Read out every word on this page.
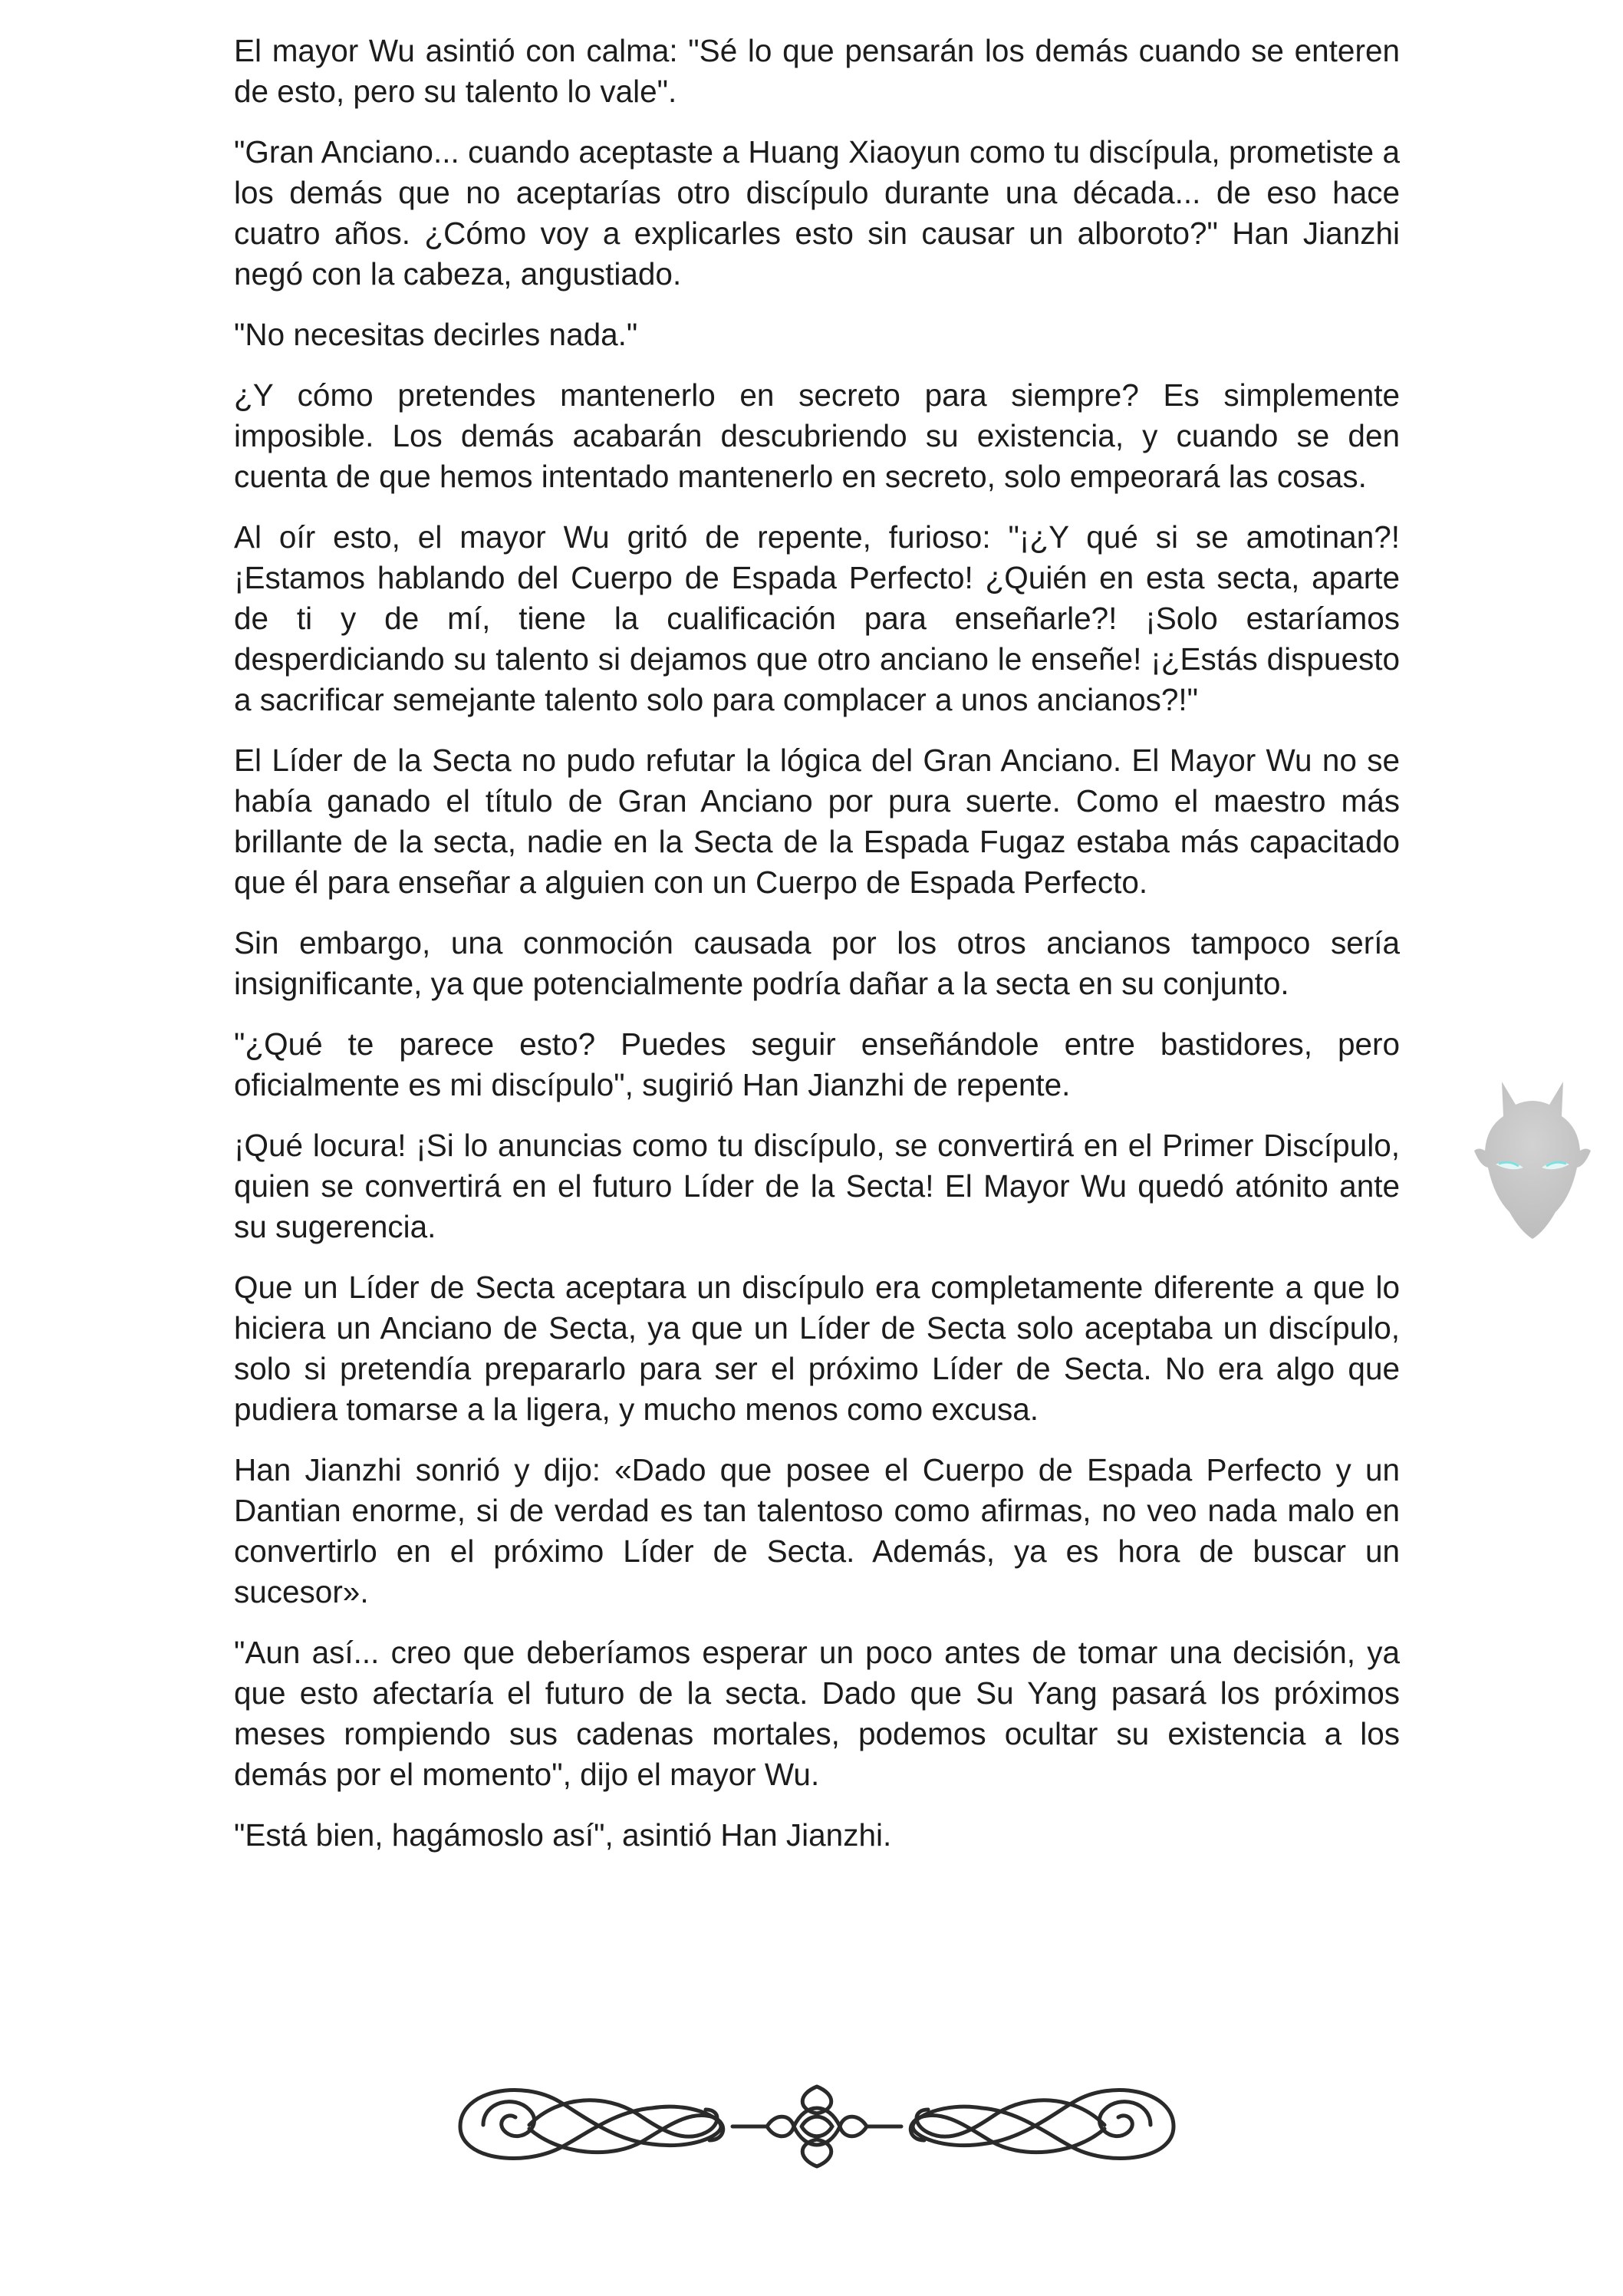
El mayor Wu asintió con calma: "Sé lo que pensarán los demás cuando se enteren de esto, pero su talento lo vale".

"Gran Anciano... cuando aceptaste a Huang Xiaoyun como tu discípula, prometiste a los demás que no aceptarías otro discípulo durante una década... de eso hace cuatro años. ¿Cómo voy a explicarles esto sin causar un alboroto?" Han Jianzhi negó con la cabeza, angustiado.

"No necesitas decirles nada."

¿Y cómo pretendes mantenerlo en secreto para siempre? Es simplemente imposible. Los demás acabarán descubriendo su existencia, y cuando se den cuenta de que hemos intentado mantenerlo en secreto, solo empeorará las cosas.

Al oír esto, el mayor Wu gritó de repente, furioso: "¡¿Y qué si se amotinan?! ¡Estamos hablando del Cuerpo de Espada Perfecto! ¿Quién en esta secta, aparte de ti y de mí, tiene la cualificación para enseñarle?! ¡Solo estaríamos desperdiciando su talento si dejamos que otro anciano le enseñe! ¡¿Estás dispuesto a sacrificar semejante talento solo para complacer a unos ancianos?!"

El Líder de la Secta no pudo refutar la lógica del Gran Anciano. El Mayor Wu no se había ganado el título de Gran Anciano por pura suerte. Como el maestro más brillante de la secta, nadie en la Secta de la Espada Fugaz estaba más capacitado que él para enseñar a alguien con un Cuerpo de Espada Perfecto.

Sin embargo, una conmoción causada por los otros ancianos tampoco sería insignificante, ya que potencialmente podría dañar a la secta en su conjunto.

"¿Qué te parece esto? Puedes seguir enseñándole entre bastidores, pero oficialmente es mi discípulo", sugirió Han Jianzhi de repente.

¡Qué locura! ¡Si lo anuncias como tu discípulo, se convertirá en el Primer Discípulo, quien se convertirá en el futuro Líder de la Secta! El Mayor Wu quedó atónito ante su sugerencia.

Que un Líder de Secta aceptara un discípulo era completamente diferente a que lo hiciera un Anciano de Secta, ya que un Líder de Secta solo aceptaba un discípulo, solo si pretendía prepararlo para ser el próximo Líder de Secta. No era algo que pudiera tomarse a la ligera, y mucho menos como excusa.

Han Jianzhi sonrió y dijo: «Dado que posee el Cuerpo de Espada Perfecto y un Dantian enorme, si de verdad es tan talentoso como afirmas, no veo nada malo en convertirlo en el próximo Líder de Secta. Además, ya es hora de buscar un sucesor».

"Aun así... creo que deberíamos esperar un poco antes de tomar una decisión, ya que esto afectaría el futuro de la secta. Dado que Su Yang pasará los próximos meses rompiendo sus cadenas mortales, podemos ocultar su existencia a los demás por el momento", dijo el mayor Wu.

"Está bien, hagámoslo así", asintió Han Jianzhi.
